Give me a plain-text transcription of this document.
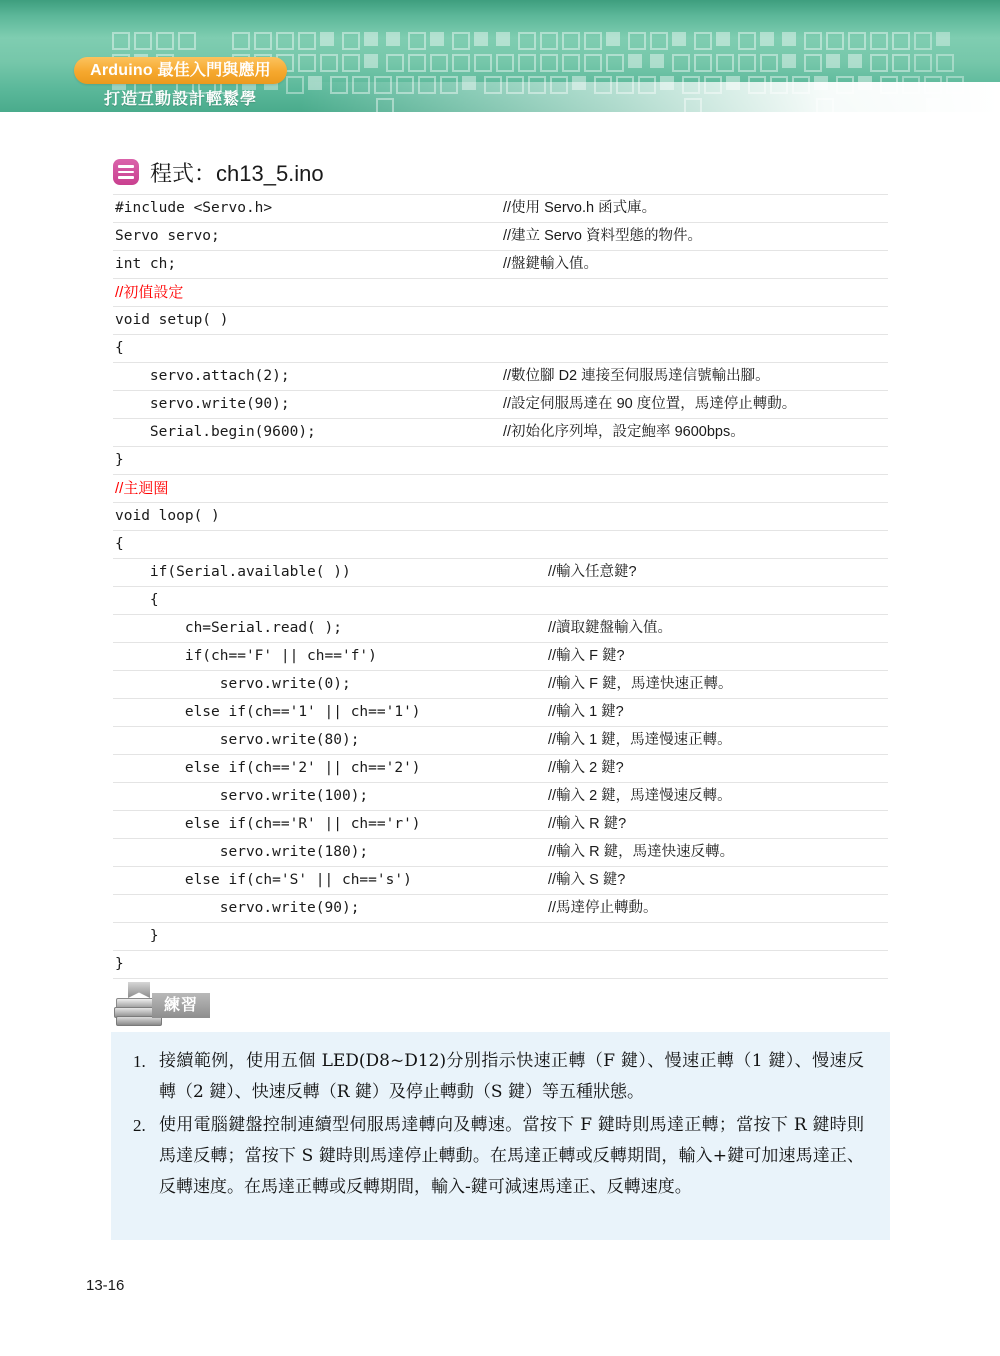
Arduino 最佳入門與應用
打造互動設計輕鬆學
程式：ch13_5.ino
#include <Servo.h>	//使用 Servo.h 函式庫。
Servo servo;	//建立 Servo 資料型態的物件。
int ch;	//盤鍵輸入值。
//初值設定	
void setup( )	
{	
servo.attach(2);	//數位腳 D2 連接至伺服馬達信號輸出腳。
servo.write(90);	//設定伺服馬達在 90 度位置，馬達停止轉動。
Serial.begin(9600);	//初始化序列埠，設定鮑率 9600bps。
}	
//主迴圈	
void loop( )	
{	
if(Serial.available( ))	//輸入任意鍵?
{	
ch=Serial.read( );	//讀取鍵盤輸入值。
if(ch=='F' || ch=='f')	//輸入 F 鍵?
servo.write(0);	//輸入 F 鍵，馬達快速正轉。
else if(ch=='1' || ch=='1')	//輸入 1 鍵?
servo.write(80);	//輸入 1 鍵，馬達慢速正轉。
else if(ch=='2' || ch=='2')	//輸入 2 鍵?
servo.write(100);	//輸入 2 鍵，馬達慢速反轉。
else if(ch=='R' || ch=='r')	//輸入 R 鍵?
servo.write(180);	//輸入 R 鍵，馬達快速反轉。
else if(ch='S' || ch=='s')	//輸入 S 鍵?
servo.write(90);	//馬達停止轉動。
}	
}	
練習
1. 接續範例，使用五個 LED(D8~D12)分別指示快速正轉（F 鍵）、慢速正轉（1 鍵）、慢速反轉（2 鍵）、快速反轉（R 鍵）及停止轉動（S 鍵）等五種狀態。
2. 使用電腦鍵盤控制連續型伺服馬達轉向及轉速。當按下 F 鍵時則馬達正轉；當按下 R 鍵時則馬達反轉；當按下 S 鍵時則馬達停止轉動。在馬達正轉或反轉期間，輸入+鍵可加速馬達正、反轉速度。在馬達正轉或反轉期間，輸入-鍵可減速馬達正、反轉速度。
13-16
